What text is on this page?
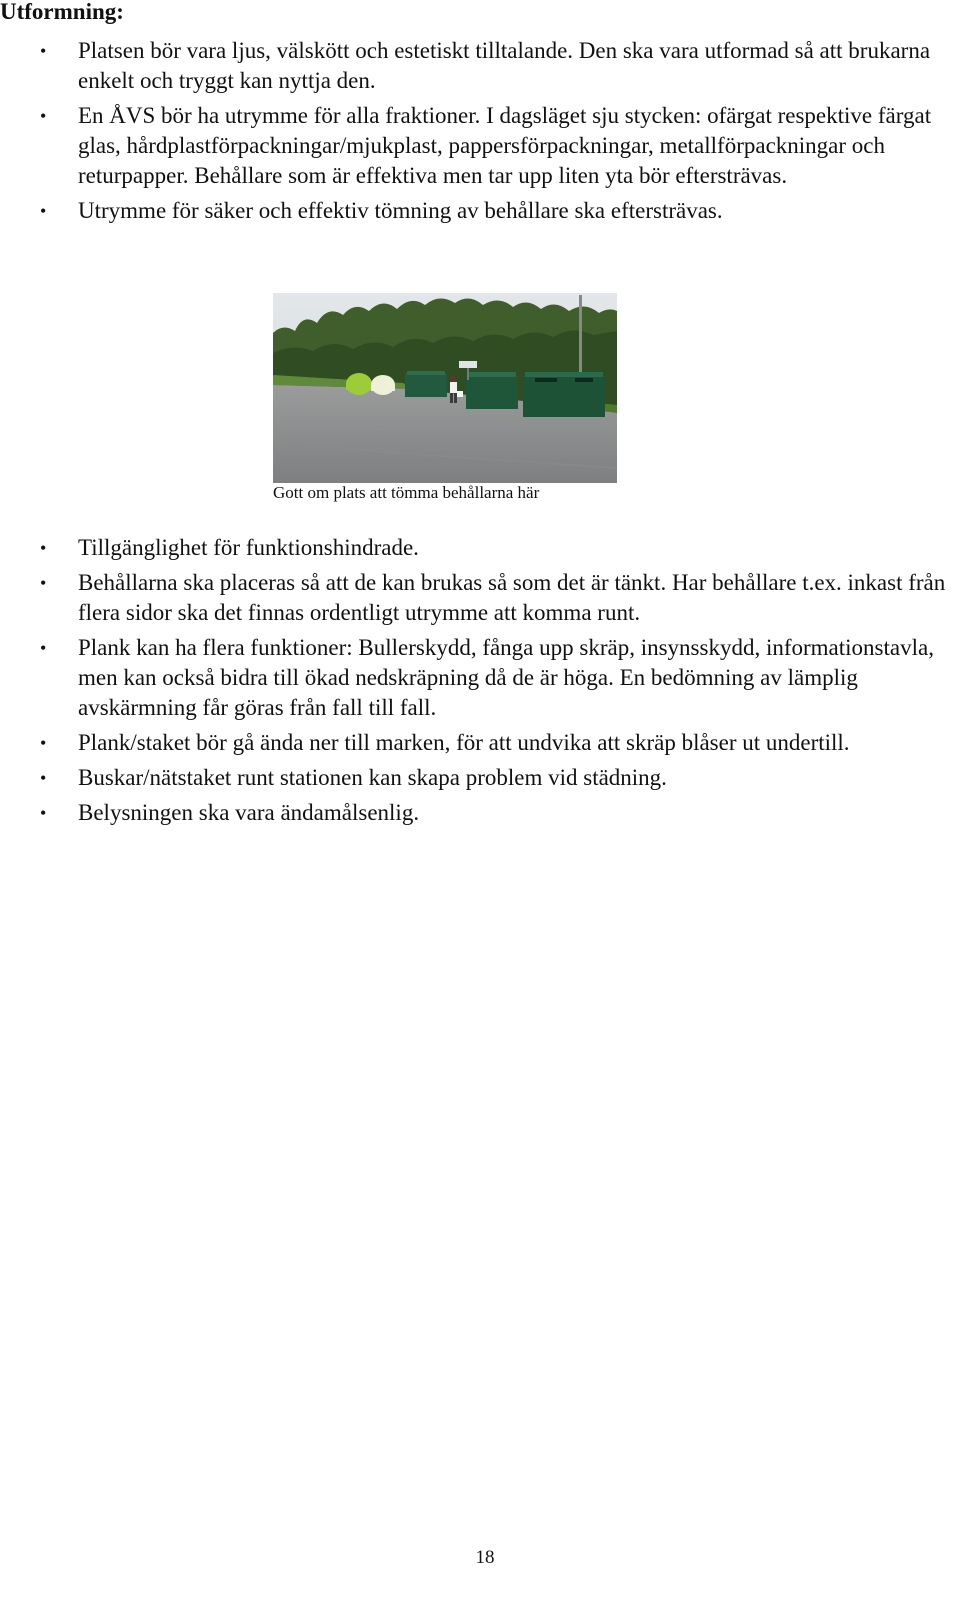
Utformning:
• Platsen bör vara ljus, välskött och estetiskt tilltalande. Den ska vara utformad så att brukarna enkelt och tryggt kan nyttja den.
• En ÅVS bör ha utrymme för alla fraktioner. I dagsläget sju stycken: ofärgat respektive färgat glas, hårdplastförpackningar/mjukplast, pappersförpackningar, metallförpackningar och returpapper. Behållare som är effektiva men tar upp liten yta bör eftersträvas.
• Utrymme för säker och effektiv tömning av behållare ska eftersträvas.
Gott om plats att tömma behållarna här
• Tillgänglighet för funktionshindrade.
• Behållarna ska placeras så att de kan brukas så som det är tänkt. Har behållare t.ex. inkast från flera sidor ska det finnas ordentligt utrymme att komma runt.
• Plank kan ha flera funktioner: Bullerskydd, fånga upp skräp, insynsskydd, informationstavla, men kan också bidra till ökad nedskräpning då de är höga. En bedömning av lämplig avskärmning får göras från fall till fall.
• Plank/staket bör gå ända ner till marken, för att undvika att skräp blåser ut undertill.
• Buskar/nätstaket runt stationen kan skapa problem vid städning.
• Belysningen ska vara ändamålsenlig.
18
